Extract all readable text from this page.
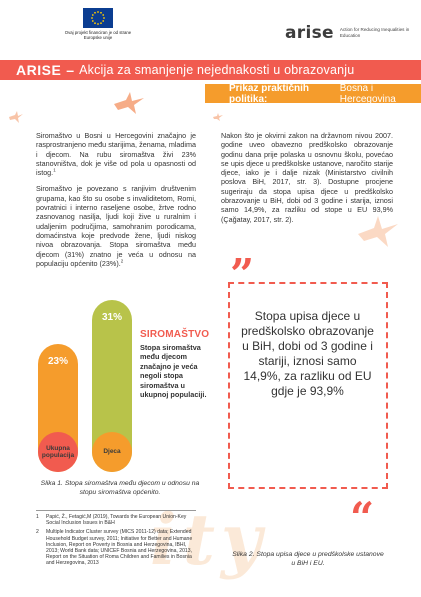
Ovaj projekt financiran je od strane Europske unije	arise Action for Reducing Inequalities in Education
ARISE – Akcija za smanjenje nejednakosti u obrazovanju
Prikaz praktičnih politika:
Bosna i Hercegovina

Siromaštvo u Bosni u Hercegovini značajno je rasprostranjeno među starijima, ženama, mladima i djecom. Na rubu siromaštva živi 23% stanovništva, dok je više od pola u opasnosti od istog.$^1$

Siromaštvo je povezano s ranjivim društvenim grupama, kao što su osobe s invaliditetom, Romi, povratnici i interno raseljene osobe, žrtve rodno zasnovanog nasilja, ljudi koji žive u ruralnim i udaljenim područjima, samohranim porodicama, domaćinstva koje predvode žene, ljudi niskog nivoa obrazovanja. Stopa siromaštva među djecom (31%) znatno je veća u odnosu na populaciju općenito (23%).$^2$

Nakon što je okvirni zakon na državnom nivou 2007. godine uveo obavezno predškolsko obrazovanje godinu dana prije polaska u osnovnu školu, povećao se upis djece u predškolske ustanove, naročito starije djece, iako je i dalje nizak (Ministarstvo civilnih poslova BiH, 2017, str. 3). Dostupne procjene sugeriraju da stopa upisa djece u predškolsko obrazovanje u BiH, dobi od 3 godine i starija, iznosi samo 14,9%, za razliku od stope u EU 93,9% (Çağatay, 2017, str. 2).

”
Stopa upisa djece u predškolsko obrazovanje u BiH, dobi od 3 godine i stariji, iznosi samo 14,9%, za razliku od EU gdje je 93,9%
“
23%
Ukupna populacija
31%
Djeca
SIROMAŠTVO
Stopa siromaštva među djecom značajno je veća negoli stopa siromaštva u ukupnoj populaciji.
Slika 1. Stopa siromaštva među djecom u odnosu na stopu siromaštva općenito.
ity
1	Papić, Ž., Fetagić,M (2019), Towards the European Union-Key Social Inclusion Issues in B&H
2	Multiple Indicator Cluster survey (MICS 2011-12) data; Extended Household Budget survey, 2011; Initiative for Better and Humane Inclusion, Report on Poverty in Bosnia and Herzegovina, IBHI, 2013; World Bank data; UNICEF Bosnia and Herzegovina, 2013, Report on the Situation of Roma Children and Families in Bosnia and Herzegovina, 2013
Slika 2. Stopa upisa djece u predškolske ustanove u BiH i EU.
